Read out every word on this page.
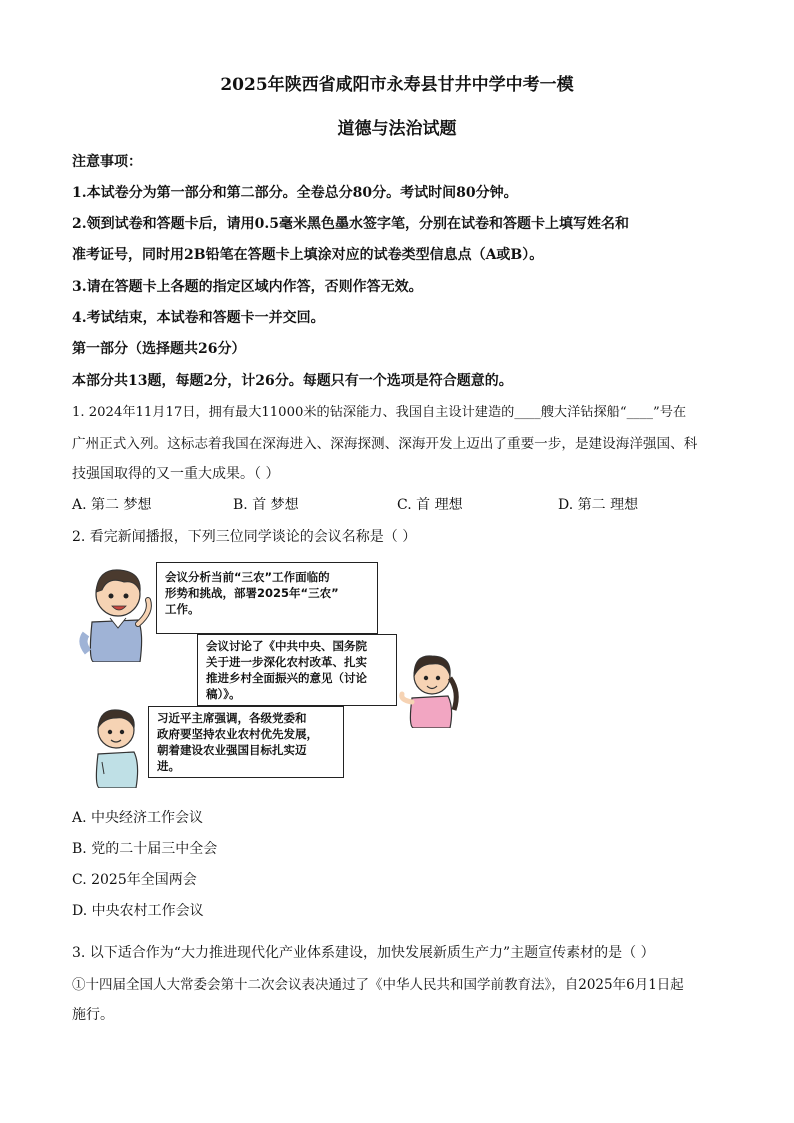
2025年陕西省咸阳市永寿县甘井中学中考一模
道德与法治试题
注意事项：
1.本试卷分为第一部分和第二部分。全卷总分80分。考试时间80分钟。
2.领到试卷和答题卡后，请用0.5毫米黑色墨水签字笔，分别在试卷和答题卡上填写姓名和
准考证号，同时用2B铅笔在答题卡上填涂对应的试卷类型信息点（A或B）。
3.请在答题卡上各题的指定区域内作答，否则作答无效。
4.考试结束，本试卷和答题卡一并交回。
第一部分（选择题共26分）
本部分共13题，每题2分，计26分。每题只有一个选项是符合题意的。
1. 2024年11月17日，拥有最大11000米的钻深能力、我国自主设计建造的____艘大洋钻探船“____”号在
广州正式入列。这标志着我国在深海进入、深海探测、深海开发上迈出了重要一步，是建设海洋强国、科
技强国取得的又一重大成果。（ ）
A. 第二 梦想	B. 首 梦想	C. 首 理想	D. 第二 理想
2. 看完新闻播报，下列三位同学谈论的会议名称是（ ）
会议分析当前“三农”工作面临的
形势和挑战，部署2025年“三农”
工作。
会议讨论了《中共中央、国务院
关于进一步深化农村改革、扎实
推进乡村全面振兴的意见（讨论
稿）》。
习近平主席强调，各级党委和
政府要坚持农业农村优先发展，
朝着建设农业强国目标扎实迈
进。
A. 中央经济工作会议
B. 党的二十届三中全会
C. 2025年全国两会
D. 中央农村工作会议
3. 以下适合作为“大力推进现代化产业体系建设，加快发展新质生产力”主题宣传素材的是（ ）
①十四届全国人大常委会第十二次会议表决通过了《中华人民共和国学前教育法》，自2025年6月1日起
施行。
